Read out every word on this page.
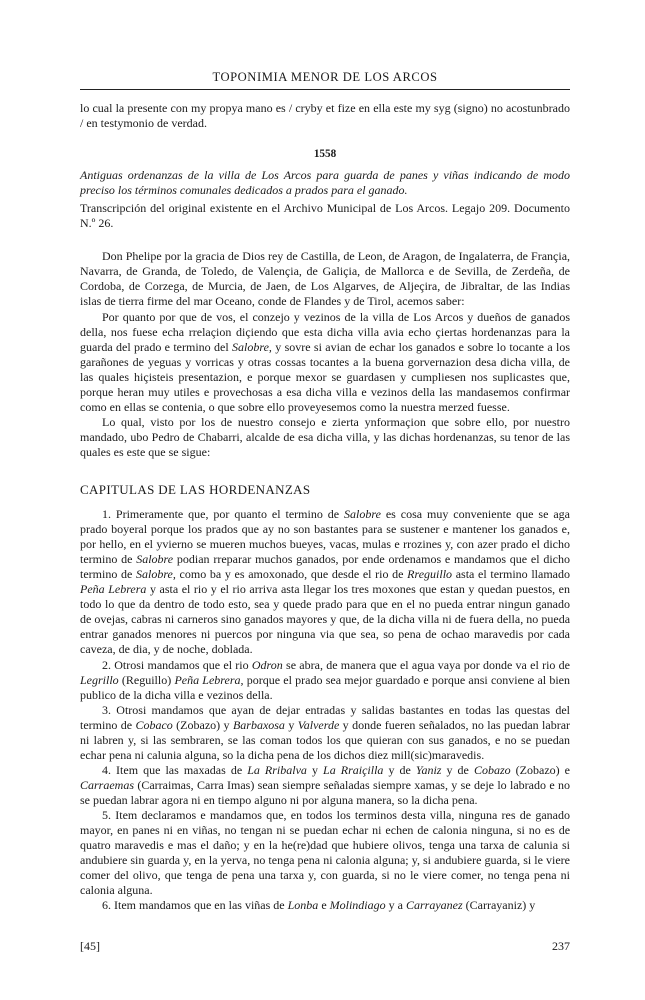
TOPONIMIA MENOR DE LOS ARCOS

lo cual la presente con my propya mano es / cryby et fize en ella este my syg (signo) no acostunbrado / en testymonio de verdad.

1558

Antiguas ordenanzas de la villa de Los Arcos para guarda de panes y viñas indicando de modo preciso los términos comunales dedicados a prados para el ganado.

Transcripción del original existente en el Archivo Municipal de Los Arcos. Legajo 209. Documento N.º 26.

Don Phelipe por la gracia de Dios rey de Castilla, de Leon, de Aragon, de Ingalaterra, de Françia, Navarra, de Granda, de Toledo, de Valençia, de Galiçia, de Mallorca e de Sevilla, de Zerdeña, de Cordoba, de Corzega, de Murcia, de Jaen, de Los Algarves, de Aljeçira, de Jibraltar, de las Indias islas de tierra firme del mar Oceano, conde de Flandes y de Tirol, acemos saber:

Por quanto por que de vos, el conzejo y vezinos de la villa de Los Arcos y dueños de ganados della, nos fuese echa rrelaçion diçiendo que esta dicha villa avia echo çiertas hordenanzas para la guarda del prado e termino del Salobre, y sovre si avian de echar los ganados e sobre lo tocante a los garañones de yeguas y vorricas y otras cossas tocantes a la buena gorvernazion desa dicha villa, de las quales hiçisteis presentazion, e porque mexor se guardasen y cumpliesen nos suplicastes que, porque heran muy utiles e provechosas a esa dicha villa e vezinos della las mandasemos confirmar como en ellas se contenia, o que sobre ello proveyesemos como la nuestra merzed fuesse.

Lo qual, visto por los de nuestro consejo e zierta ynformaçion que sobre ello, por nuestro mandado, ubo Pedro de Chabarri, alcalde de esa dicha villa, y las dichas hordenanzas, su tenor de las quales es este que se sigue:

CAPITULAS DE LAS HORDENANZAS

1. Primeramente que, por quanto el termino de Salobre es cosa muy conveniente que se aga prado boyeral porque los prados que ay no son bastantes para se sustener e mantener los ganados e, por hello, en el yvierno se mueren muchos bueyes, vacas, mulas e rrozines y, con azer prado el dicho termino de Salobre podian rreparar muchos ganados, por ende ordenamos e mandamos que el dicho termino de Salobre, como ba y es amoxonado, que desde el rio de Rreguillo asta el termino llamado Peña Lebrera y asta el rio y el rio arriva asta llegar los tres moxones que estan y quedan puestos, en todo lo que da dentro de todo esto, sea y quede prado para que en el no pueda entrar ningun ganado de ovejas, cabras ni carneros sino ganados mayores y que, de la dicha villa ni de fuera della, no pueda entrar ganados menores ni puercos por ninguna via que sea, so pena de ochao maravedis por cada caveza, de dia, y de noche, doblada.

2. Otrosi mandamos que el rio Odron se abra, de manera que el agua vaya por donde va el rio de Legrillo (Reguillo) Peña Lebrera, porque el prado sea mejor guardado e porque ansi conviene al bien publico de la dicha villa e vezinos della.

3. Otrosi mandamos que ayan de dejar entradas y salidas bastantes en todas las questas del termino de Cobaco (Zobazo) y Barbaxosa y Valverde y donde fueren señalados, no las puedan labrar ni labren y, si las sembraren, se las coman todos los que quieran con sus ganados, e no se puedan echar pena ni calunia alguna, so la dicha pena de los dichos diez mill(sic)maravedis.

4. Item que las maxadas de La Rribalva y La Rraiçilla y de Yaniz y de Cobazo (Zobazo) e Carraemas (Carraimas, Carra Imas) sean siempre señaladas siempre xamas, y se deje lo labrado e no se puedan labrar agora ni en tiempo alguno ni por alguna manera, so la dicha pena.

5. Item declaramos e mandamos que, en todos los terminos desta villa, ninguna res de ganado mayor, en panes ni en viñas, no tengan ni se puedan echar ni echen de calonia ninguna, si no es de quatro maravedis e mas el daño; y en la he(re)dad que hubiere olivos, tenga una tarxa de calunia si andubiere sin guarda y, en la yerva, no tenga pena ni calonia alguna; y, si andubiere guarda, si le viere comer del olivo, que tenga de pena una tarxa y, con guarda, si no le viere comer, no tenga pena ni calonia alguna.

6. Item mandamos que en las viñas de Lonba e Molindiago y a Carrayanez (Carrayaniz) y

[45]	237
